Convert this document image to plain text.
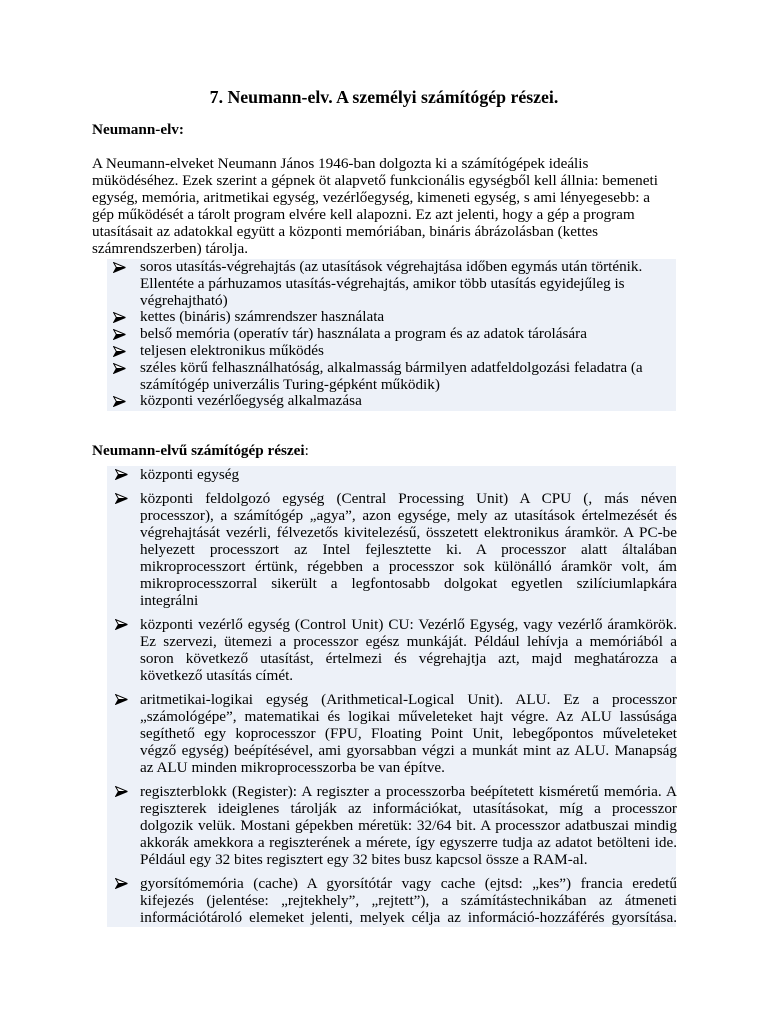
7. Neumann-elv. A személyi számítógép részei.
Neumann-elv:
A Neumann-elveket Neumann János 1946-ban dolgozta ki a számítógépek ideális
müködéséhez. Ezek szerint a gépnek öt alapvető funkcionális egységből kell állnia: bemeneti
egység, memória, aritmetikai egység, vezérlőegység, kimeneti egység, s ami lényegesebb: a
gép működését a tárolt program elvére kell alapozni. Ez azt jelenti, hogy a gép a program
utasításait az adatokkal együtt a központi memóriában, bináris ábrázolásban (kettes
számrendszerben) tárolja.
soros utasítás-végrehajtás (az utasítások végrehajtása időben egymás után történik.
Ellentéte a párhuzamos utasítás-végrehajtás, amikor több utasítás egyidejűleg is
végrehajtható)
kettes (bináris) számrendszer használata
belső memória (operatív tár) használata a program és az adatok tárolására
teljesen elektronikus működés
széles körű felhasználhatóság, alkalmasság bármilyen adatfeldolgozási feladatra (a
számítógép univerzális Turing-gépként működik)
központi vezérlőegység alkalmazása
Neumann-elvű számítógép részei:
központi egység
központi feldolgozó egység (Central Processing Unit) A CPU (, más néven
processzor), a számítógép „agya”, azon egysége, mely az utasítások értelmezését és
végrehajtását vezérli, félvezetős kivitelezésű, összetett elektronikus áramkör. A PC-be
helyezett processzort az Intel fejlesztette ki. A processzor alatt általában
mikroprocesszort értünk, régebben a processzor sok különálló áramkör volt, ám
mikroprocesszorral sikerült a legfontosabb dolgokat egyetlen szilíciumlapkára
integrálni
központi vezérlő egység (Control Unit) CU: Vezérlő Egység, vagy vezérlő áramkörök.
Ez szervezi, ütemezi a processzor egész munkáját. Például lehívja a memóriából a
soron következő utasítást, értelmezi és végrehajtja azt, majd meghatározza a
következő utasítás címét.
aritmetikai-logikai egység (Arithmetical-Logical Unit). ALU. Ez a processzor
„számológépe”, matematikai és logikai műveleteket hajt végre. Az ALU lassúsága
segíthető egy koprocesszor (FPU, Floating Point Unit, lebegőpontos műveleteket
végző egység) beépítésével, ami gyorsabban végzi a munkát mint az ALU. Manapság
az ALU minden mikroprocesszorba be van építve.
regiszterblokk (Register): A regiszter a processzorba beépítetett kisméretű memória. A
regiszterek ideiglenes tárolják az információkat, utasításokat, míg a processzor
dolgozik velük. Mostani gépekben méretük: 32/64 bit. A processzor adatbuszai mindig
akkorák amekkora a regiszterének a mérete, így egyszerre tudja az adatot betölteni ide.
Például egy 32 bites regisztert egy 32 bites busz kapcsol össze a RAM-al.
gyorsítómemória (cache) A gyorsítótár vagy cache (ejtsd: „kes”) francia eredetű
kifejezés (jelentése: „rejtekhely”, „rejtett”), a számítástechnikában az átmeneti
információtároló elemeket jelenti, melyek célja az információ-hozzáférés gyorsítása.
